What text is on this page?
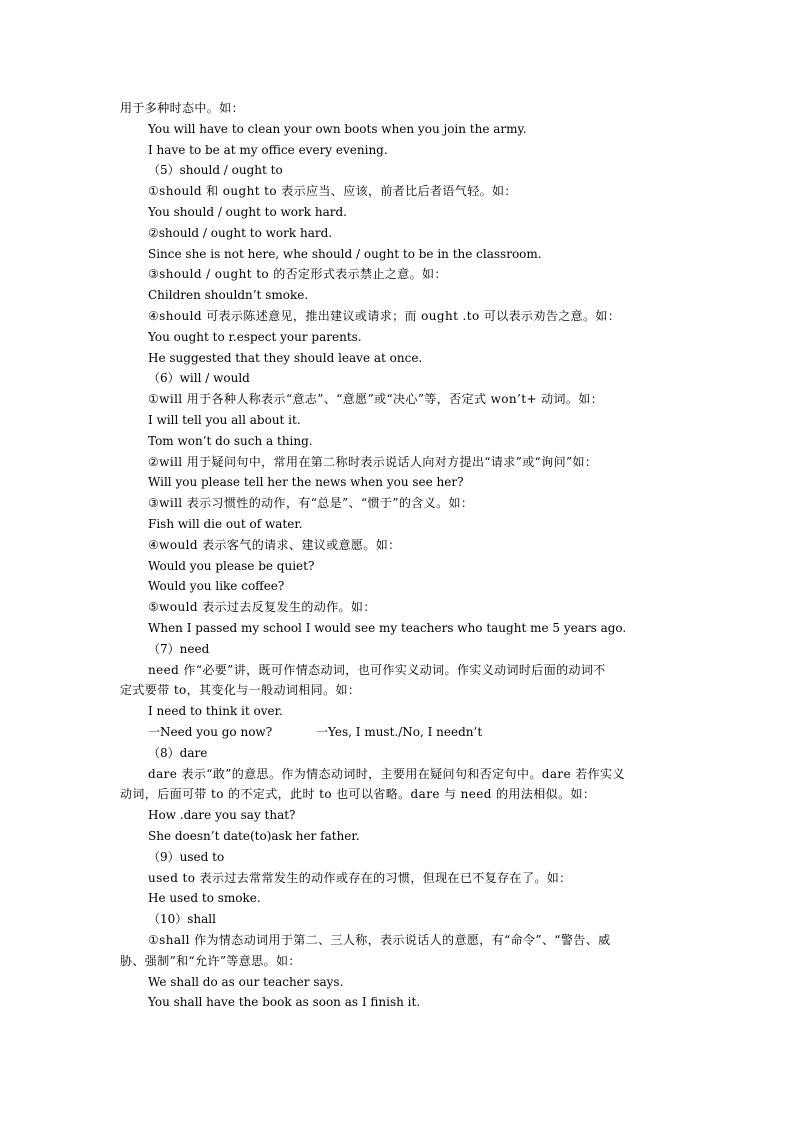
用于多种时态中。如：
You will have to clean your own boots when you join the army.
I have to be at my office every evening.
（5）should / ought to
①should 和 ought to 表示应当、应该，前者比后者语气轻。如：
You should / ought to work hard.
②should / ought to work hard.
Since she is not here, whe should / ought to be in the classroom.
③should / ought to 的否定形式表示禁止之意。如：
Children shouldn’t smoke.
④should 可表示陈述意见，推出建议或请求；而 ought .to 可以表示劝告之意。如：
You ought to r.espect your parents.
He suggested that they should leave at once.
（6）will / would
①will 用于各种人称表示“意志”、“意愿”或“决心”等，否定式 won’t+ 动词。如：
I will tell you all about it.
Tom won’t do such a thing.
②will 用于疑问句中，常用在第二称时表示说话人向对方提出“请求”或“询问”如：
Will you please tell her the news when you see her?
③will 表示习惯性的动作，有“总是”、“惯于”的含义。如：
Fish will die out of water.
④would 表示客气的请求、建议或意愿。如：
Would you please be quiet?
Would you like coffee?
⑤would 表示过去反复发生的动作。如：
When I passed my school I would see my teachers who taught me 5 years ago.
（7）need
need 作“必要”讲，既可作情态动词，也可作实义动词。作实义动词时后面的动词不
定式要带 to，其变化与一般动词相同。如：
I need to think it over.
一Need you go now?	一Yes, I must./No, I needn’t
（8）dare
dare 表示“敢”的意思。作为情态动词时，主要用在疑问句和否定句中。dare 若作实义
动词，后面可带 to 的不定式，此时 to 也可以省略。dare 与 need 的用法相似。如：
How .dare you say that?
She doesn’t date(to)ask her father.
（9）used to
used to 表示过去常常发生的动作或存在的习惯，但现在已不复存在了。如：
He used to smoke.
（10）shall
①shall 作为情态动词用于第二、三人称，表示说话人的意愿，有“命令”、“警告、威
胁、强制”和“允许”等意思。如：
We shall do as our teacher says.
You shall have the book as soon as I finish it.
